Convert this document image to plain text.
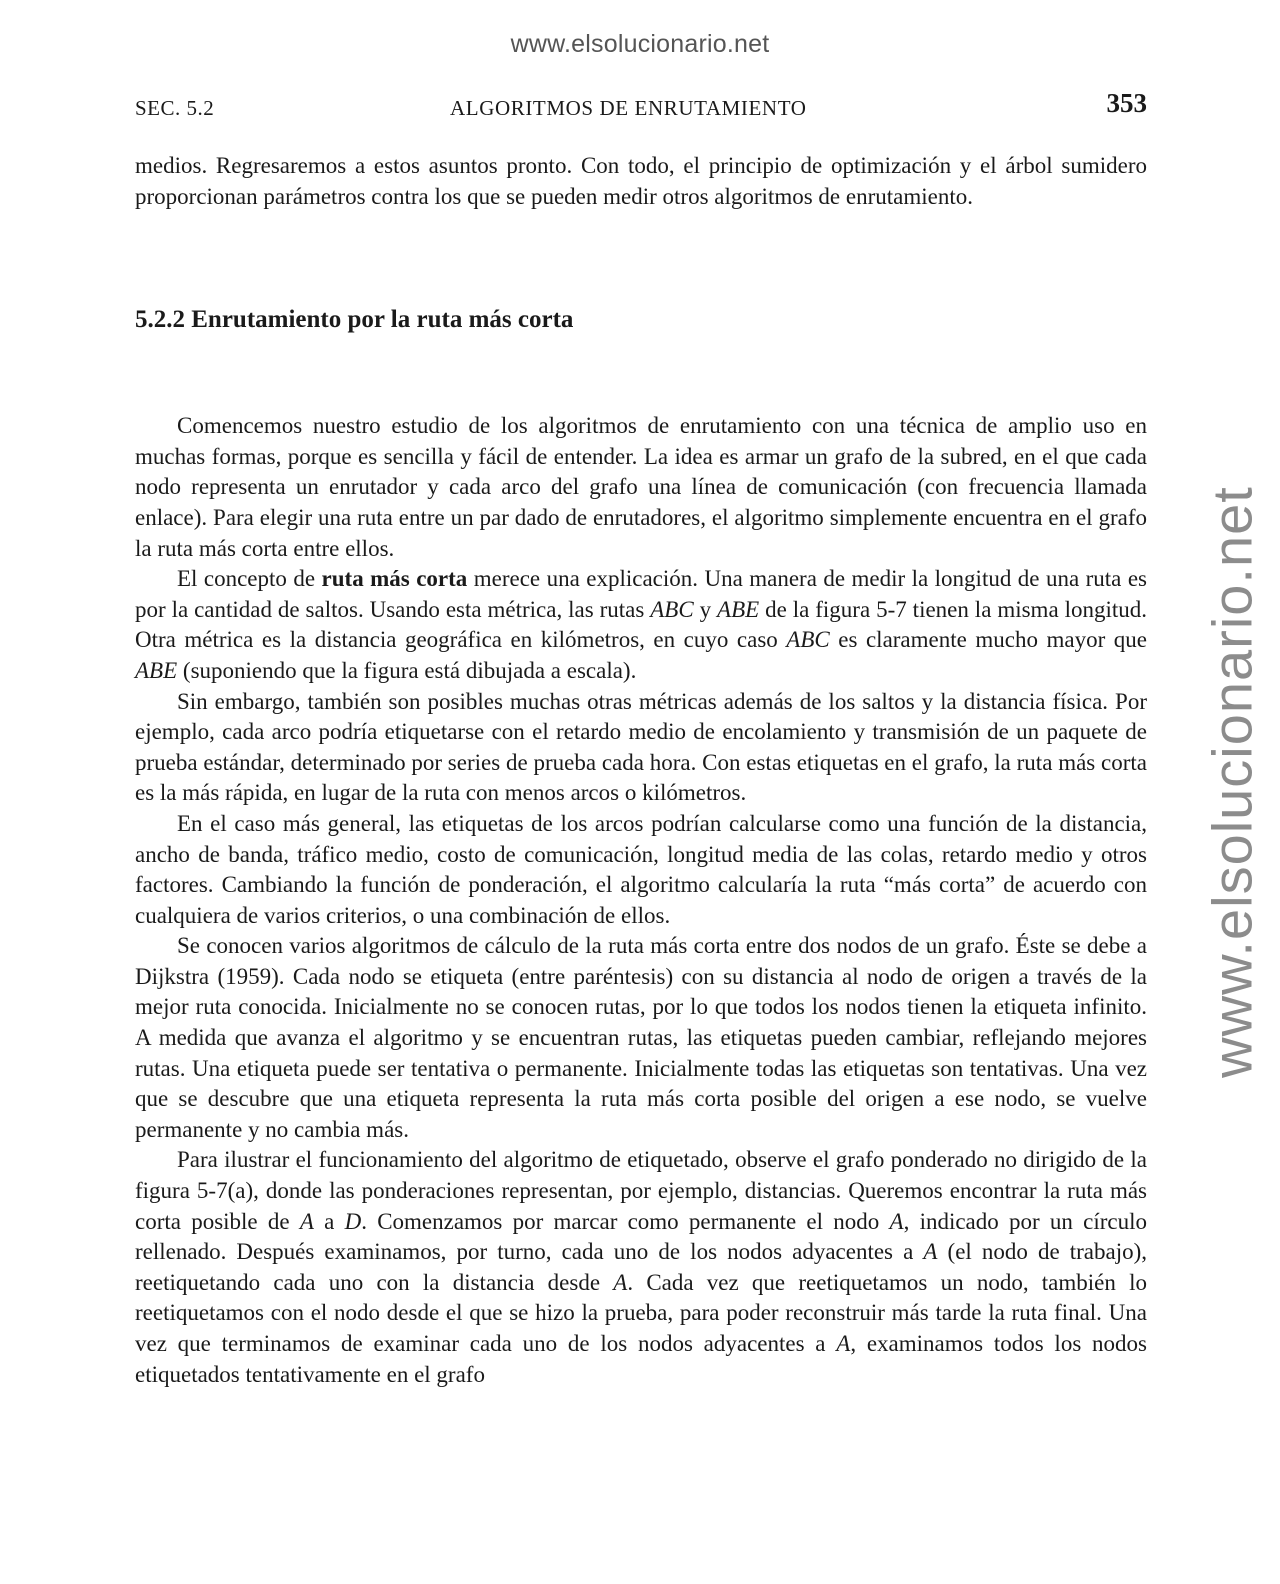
www.elsolucionario.net
www.elsolucionario.net
SEC. 5.2	ALGORITMOS DE ENRUTAMIENTO	353

medios. Regresaremos a estos asuntos pronto. Con todo, el principio de optimización y el árbol sumidero proporcionan parámetros contra los que se pueden medir otros algoritmos de enrutamiento.

5.2.2 Enrutamiento por la ruta más corta

Comencemos nuestro estudio de los algoritmos de enrutamiento con una técnica de amplio uso en muchas formas, porque es sencilla y fácil de entender. La idea es armar un grafo de la subred, en el que cada nodo representa un enrutador y cada arco del grafo una línea de comunicación (con frecuencia llamada enlace). Para elegir una ruta entre un par dado de enrutadores, el algoritmo simplemente encuentra en el grafo la ruta más corta entre ellos.

El concepto de ruta más corta merece una explicación. Una manera de medir la longitud de una ruta es por la cantidad de saltos. Usando esta métrica, las rutas ABC y ABE de la figura 5-7 tienen la misma longitud. Otra métrica es la distancia geográfica en kilómetros, en cuyo caso ABC es claramente mucho mayor que ABE (suponiendo que la figura está dibujada a escala).

Sin embargo, también son posibles muchas otras métricas además de los saltos y la distancia física. Por ejemplo, cada arco podría etiquetarse con el retardo medio de encolamiento y transmisión de un paquete de prueba estándar, determinado por series de prueba cada hora. Con estas etiquetas en el grafo, la ruta más corta es la más rápida, en lugar de la ruta con menos arcos o kilómetros.

En el caso más general, las etiquetas de los arcos podrían calcularse como una función de la distancia, ancho de banda, tráfico medio, costo de comunicación, longitud media de las colas, retardo medio y otros factores. Cambiando la función de ponderación, el algoritmo calcularía la ruta “más corta” de acuerdo con cualquiera de varios criterios, o una combinación de ellos.

Se conocen varios algoritmos de cálculo de la ruta más corta entre dos nodos de un grafo. Éste se debe a Dijkstra (1959). Cada nodo se etiqueta (entre paréntesis) con su distancia al nodo de origen a través de la mejor ruta conocida. Inicialmente no se conocen rutas, por lo que todos los nodos tienen la etiqueta infinito. A medida que avanza el algoritmo y se encuentran rutas, las etiquetas pueden cambiar, reflejando mejores rutas. Una etiqueta puede ser tentativa o permanente. Inicialmente todas las etiquetas son tentativas. Una vez que se descubre que una etiqueta representa la ruta más corta posible del origen a ese nodo, se vuelve permanente y no cambia más.

Para ilustrar el funcionamiento del algoritmo de etiquetado, observe el grafo ponderado no dirigido de la figura 5-7(a), donde las ponderaciones representan, por ejemplo, distancias. Queremos encontrar la ruta más corta posible de A a D. Comenzamos por marcar como permanente el nodo A, indicado por un círculo rellenado. Después examinamos, por turno, cada uno de los nodos adyacentes a A (el nodo de trabajo), reetiquetando cada uno con la distancia desde A. Cada vez que reetiquetamos un nodo, también lo reetiquetamos con el nodo desde el que se hizo la prueba, para poder reconstruir más tarde la ruta final. Una vez que terminamos de examinar cada uno de los nodos adyacentes a A, examinamos todos los nodos etiquetados tentativamente en el grafo
